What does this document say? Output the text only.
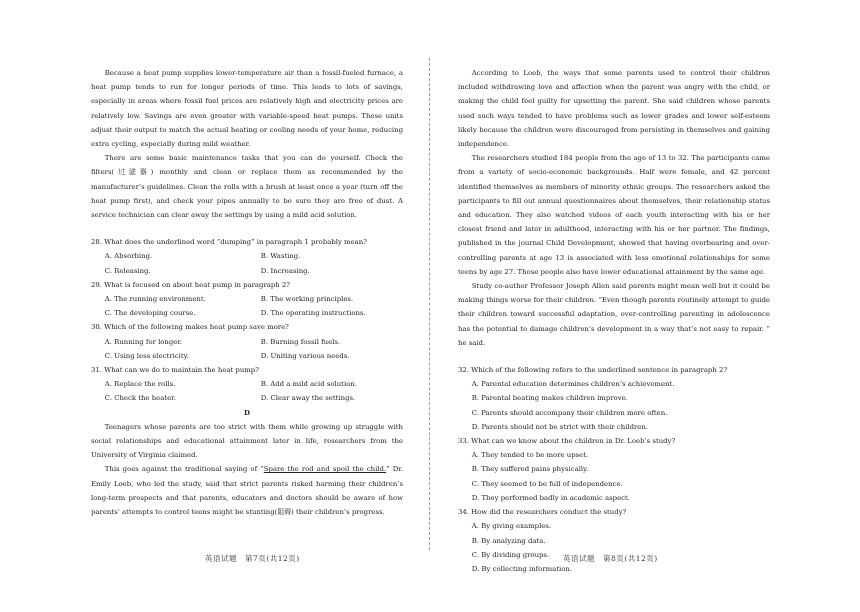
Because a heat pump supplies lower-temperature air than a fossil-fueled furnace, a heat pump tends to run for longer periods of time. This leads to lots of savings, especially in areas where fossil fuel prices are relatively high and electricity prices are relatively low. Savings are even greater with variable-speed heat pumps. These units adjust their output to match the actual heating or cooling needs of your home, reducing extra cycling, especially during mild weather.

There are some basic maintenance tasks that you can do yourself. Check the filters(过滤器) monthly and clean or replace them as recommended by the manufacturer’s guidelines. Clean the rolls with a brush at least once a year (turn off the heat pump first), and check your pipes annually to be sure they are free of dust. A service technician can clear away the settings by using a mild acid solution.

28. What does the underlined word “dumping” in paragraph 1 probably mean?

A. Absorbing.	B. Wasting.
C. Releasing.	D. Increasing.

29. What is focused on about heat pump in paragraph 2?

A. The running environment.	B. The working principles.
C. The developing course.	D. The operating instructions.

30. Which of the following makes heat pump save more?

A. Running for longer.	B. Burning fossil fuels.
C. Using less electricity.	D. Uniting various needs.

31. What can we do to maintain the heat pump?

A. Replace the rolls.	B. Add a mild acid solution.
C. Check the heater.	D. Clear away the settings.

D

Teenagers whose parents are too strict with them while growing up struggle with social relationships and educational attainment later in life, researchers from the University of Virginia claimed.

This goes against the traditional saying of “Spare the rod and spoil the child.” Dr. Emily Loeb, who led the study, said that strict parents risked harming their children’s long-term prospects and that parents, educators and doctors should be aware of how parents’ attempts to control teens might be stunting(阻碍) their children’s progress.

According to Loeb, the ways that some parents used to control their children included withdrawing love and affection when the parent was angry with the child, or making the child feel guilty for upsetting the parent. She said children whose parents used such ways tended to have problems such as lower grades and lower self-esteem likely because the children were discouraged from persisting in themselves and gaining independence.

The researchers studied 184 people from the age of 13 to 32. The participants came from a variety of socio-economic backgrounds. Half were female, and 42 percent identified themselves as members of minority ethnic groups. The researchers asked the participants to fill out annual questionnaires about themselves, their relationship status and education. They also watched videos of each youth interacting with his or her closest friend and later in adulthood, interacting with his or her partner. The findings, published in the journal Child Development, showed that having overbearing and over-controlling parents at age 13 is associated with less emotional relationships for some teens by age 27. Those people also have lower educational attainment by the same age.

Study co-author Professor Joseph Allen said parents might mean well but it could be making things worse for their children. “Even though parents routinely attempt to guide their children toward successful adaptation, over-controlling parenting in adolescence has the potential to damage children’s development in a way that’s not easy to repair. ” he said.

32. Which of the following refers to the underlined sentence in paragraph 2?

A. Parental education determines children’s achievement.
B. Parental beating makes children improve.
C. Parents should accompany their children more often.
D. Parents should not be strict with their children.

33. What can we know about the children in Dr. Loeb’s study?

A. They tended to be more upset.
B. They suffered pains physically.
C. They seemed to be full of independence.
D. They performed badly in academic aspect.

34. How did the researchers conduct the study?

A. By giving examples.
B. By analyzing data.
C. By dividing groups.
D. By collecting information.
英语试题　第7页(共12页)	英语试题　第8页(共12页)
